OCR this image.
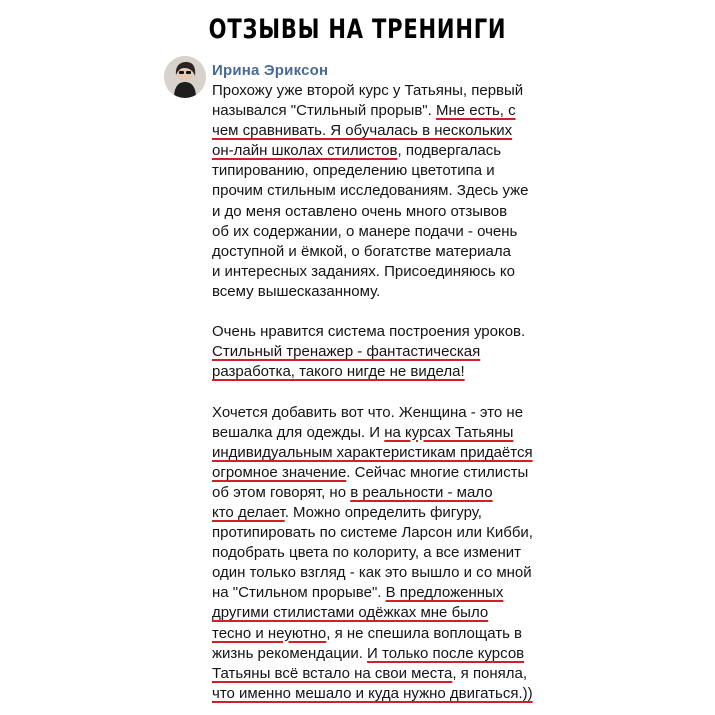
ОТЗЫВЫ НА ТРЕНИНГИ
Ирина Эриксон
Прохожу уже второй курс у Татьяны, первый
назывался "Стильный прорыв". Мне есть, с
чем сравнивать. Я обучалась в нескольких
он-лайн школах стилистов, подвергалась
типированию, определению цветотипа и
прочим стильным исследованиям. Здесь уже
и до меня оставлено очень много отзывов
об их содержании, о манере подачи - очень
доступной и ёмкой, о богатстве материала
и интересных заданиях. Присоединяюсь ко
всему вышесказанному.
Очень нравится система построения уроков.
Стильный тренажер - фантастическая
разработка, такого нигде не видела!
Хочется добавить вот что. Женщина - это не
вешалка для одежды. И на курсах Татьяны
индивидуальным характеристикам придаётся
огромное значение. Сейчас многие стилисты
об этом говорят, но в реальности - мало
кто делает. Можно определить фигуру,
протипировать по системе Ларсон или Кибби,
подобрать цвета по колориту, а все изменит
один только взгляд - как это вышло и со мной
на "Стильном прорыве". В предложенных
другими стилистами одёжках мне было
тесно и неуютно, я не спешила воплощать в
жизнь рекомендации. И только после курсов
Татьяны всё встало на свои места, я поняла,
что именно мешало и куда нужно двигаться.))
